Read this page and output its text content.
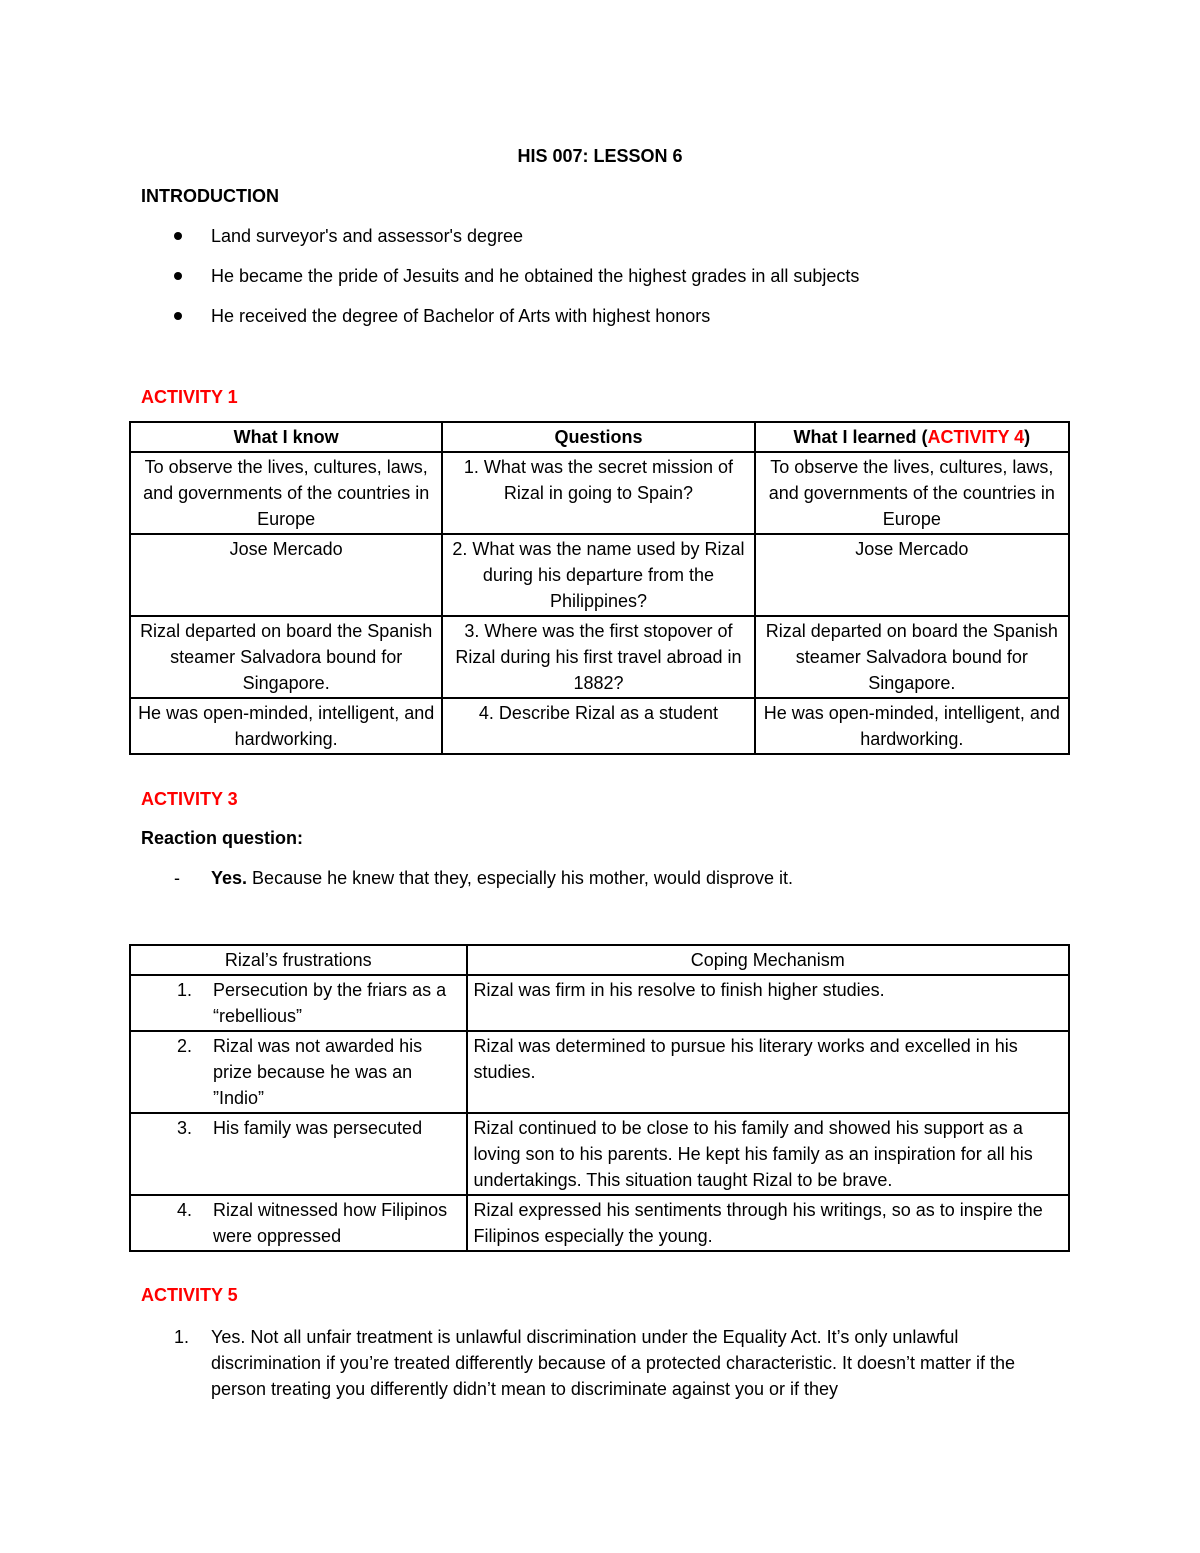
HIS 007: LESSON 6
INTRODUCTION
Land surveyor's and assessor's degree
He became the pride of Jesuits and he obtained the highest grades in all subjects
He received the degree of Bachelor of Arts with highest honors
ACTIVITY 1
What I know	Questions	What I learned (ACTIVITY 4)
To observe the lives, cultures, laws, and governments of the countries in Europe	1. What was the secret mission of Rizal in going to Spain?	To observe the lives, cultures, laws, and governments of the countries in Europe
Jose Mercado	2. What was the name used by Rizal during his departure from the Philippines?	Jose Mercado
Rizal departed on board the Spanish steamer Salvadora bound for Singapore.	3. Where was the first stopover of Rizal during his first travel abroad in 1882?	Rizal departed on board the Spanish steamer Salvadora bound for Singapore.
He was open-minded, intelligent, and hardworking.	4. Describe Rizal as a student	He was open-minded, intelligent, and hardworking.
ACTIVITY 3
Reaction question:
- Yes. Because he knew that they, especially his mother, would disprove it.
Rizal’s frustrations	Coping Mechanism

1. Persecution by the friars as a “rebellious”	Rizal was firm in his resolve to finish higher studies.

2. Rizal was not awarded his prize because he was an ”Indio”	Rizal was determined to pursue his literary works and excelled in his studies.

3. His family was persecuted	Rizal continued to be close to his family and showed his support as a loving son to his parents. He kept his family as an inspiration for all his undertakings. This situation taught Rizal to be brave.

4. Rizal witnessed how Filipinos were oppressed	Rizal expressed his sentiments through his writings, so as to inspire the Filipinos especially the young.
ACTIVITY 5
1. Yes. Not all unfair treatment is unlawful discrimination under the Equality Act. It’s only unlawful discrimination if you’re treated differently because of a protected characteristic. It doesn’t matter if the person treating you differently didn’t mean to discriminate against you or if they
